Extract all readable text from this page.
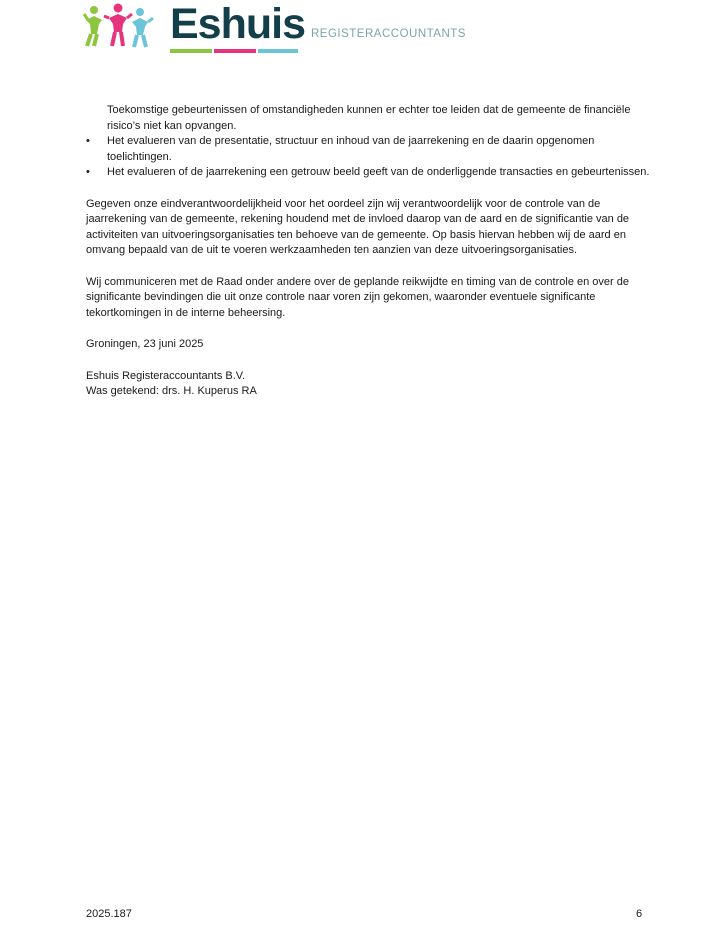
Eshuis REGISTERACCOUNTANTS

Toekomstige gebeurtenissen of omstandigheden kunnen er echter toe leiden dat de gemeente de financiële risico’s niet kan opvangen.

• Het evalueren van de presentatie, structuur en inhoud van de jaarrekening en de daarin opgenomen toelichtingen.
• Het evalueren of de jaarrekening een getrouw beeld geeft van de onderliggende transacties en gebeurtenissen.

Gegeven onze eindverantwoordelijkheid voor het oordeel zijn wij verantwoordelijk voor de controle van de jaarrekening van de gemeente, rekening houdend met de invloed daarop van de aard en de significantie van de activiteiten van uitvoeringsorganisaties ten behoeve van de gemeente. Op basis hiervan hebben wij de aard en omvang bepaald van de uit te voeren werkzaamheden ten aanzien van deze uitvoeringsorganisaties.

Wij communiceren met de Raad onder andere over de geplande reikwijdte en timing van de controle en over de significante bevindingen die uit onze controle naar voren zijn gekomen, waaronder eventuele significante tekortkomingen in de interne beheersing.

Groningen, 23 juni 2025

Eshuis Registeraccountants B.V.

Was getekend: drs. H. Kuperus RA

2025.187	6
